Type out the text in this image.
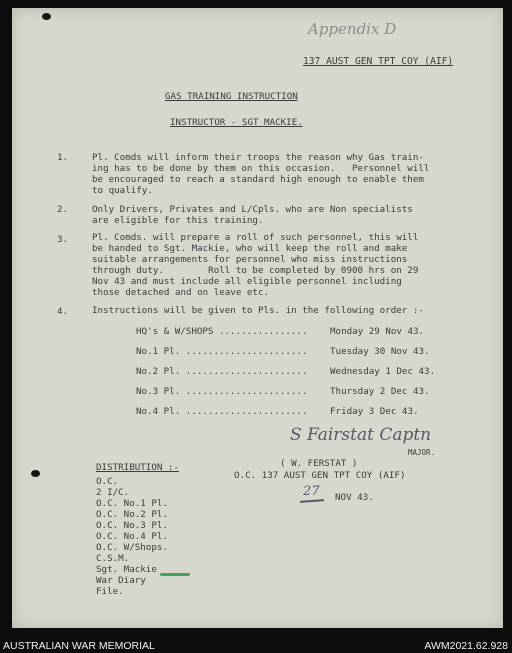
Appendix D
137 AUST GEN TPT COY (AIF)
GAS TRAINING INSTRUCTION
INSTRUCTOR - SGT MACKIE.
1.	Pl. Comds will inform their troops the reason why Gas train-
ing has to be done by them on this occasion.   Personnel will
be encouraged to reach a standard high enough to enable them
to qualify.
2.	Only Drivers, Privates and L/Cpls. who are Non specialists
are eligible for this training.
3.	Pl. Comds. will prepare a roll of such personnel, this will
be handed to Sgt. Mackie, who will keep the roll and make
suitable arrangements for personnel who miss instructions
through duty.        Roll to be completed by 0900 hrs on 29
Nov 43 and must include all eligible personnel including
those detached and on leave etc.
4.	Instructions will be given to Pls. in the following order :-
HQ's & W/SHOPS ................ Monday 29 Nov 43.
No.1 Pl. ...................... Tuesday 30 Nov 43.
No.2 Pl. ...................... Wednesday 1 Dec 43.
No.3 Pl. ...................... Thursday 2 Dec 43.
No.4 Pl. ...................... Friday 3 Dec 43.
S Fairstat Captn
MAJOR.
( W. FERSTAT )
O.C. 137 AUST GEN TPT COY (AIF)
27 NOV 43.
DISTRIBUTION :-
O.C.
2 I/C.
O.C. No.1 Pl.
O.C. No.2 Pl.
O.C. No.3 Pl.
O.C. No.4 Pl.
O.C. W/Shops.
C.S.M.
Sgt. Mackie
War Diary
File.
AUSTRALIAN WAR MEMORIAL	AWM2021.62.928
